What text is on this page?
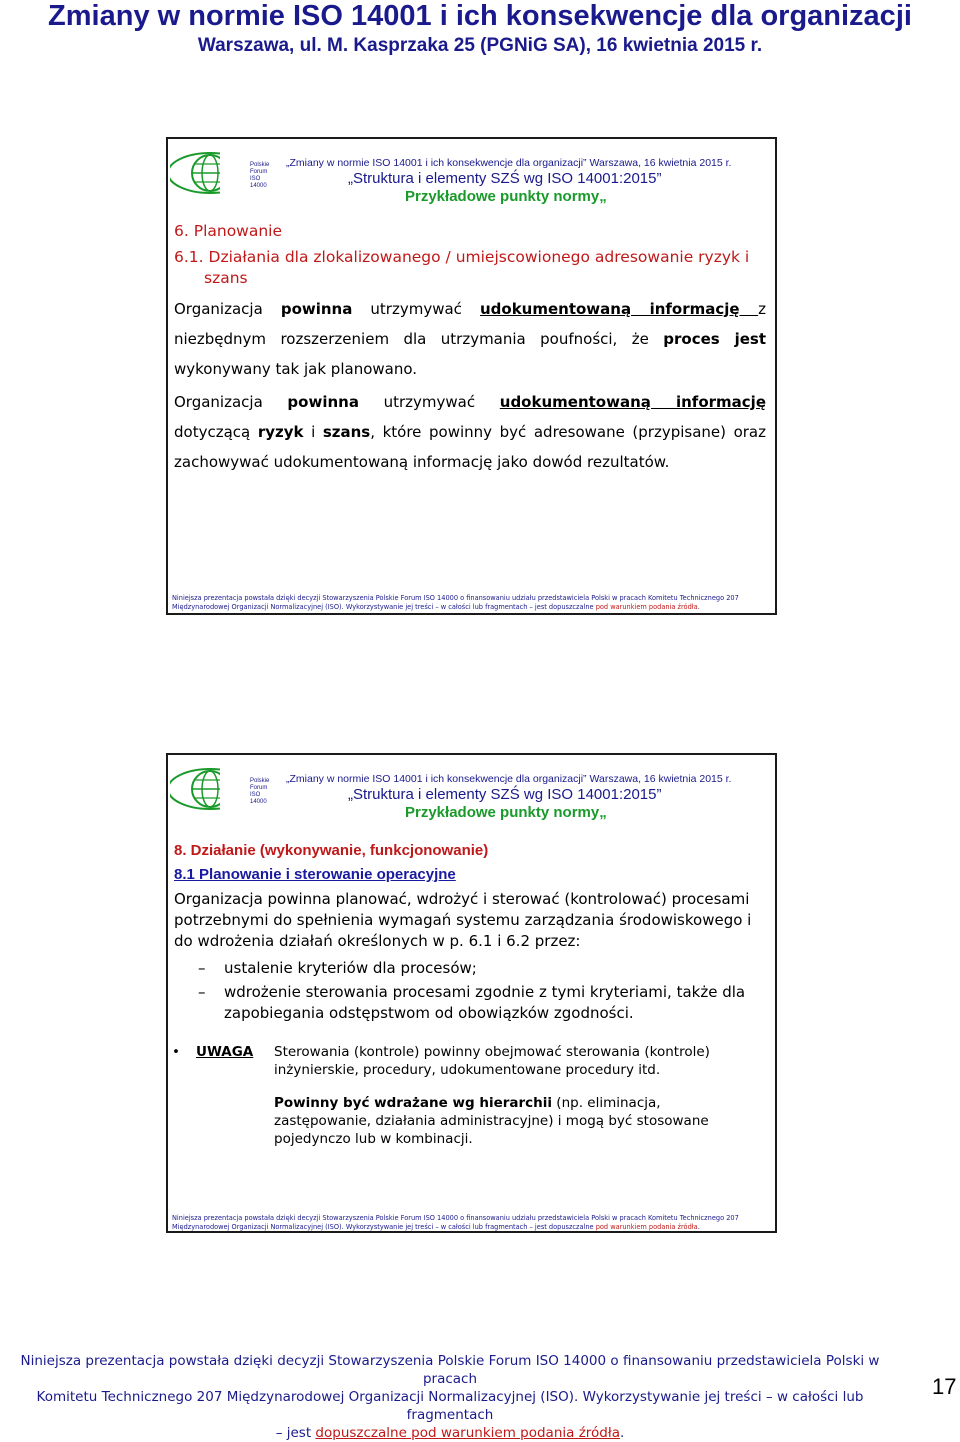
Zmiany w normie ISO 14001 i ich konsekwencje dla organizacji
Warszawa, ul. M. Kasprzaka 25 (PGNiG SA), 16 kwietnia 2015 r.
Polskie Forum
ISO 14000
„Zmiany w normie ISO 14001 i ich konsekwencje dla organizacji” Warszawa, 16 kwietnia 2015 r.
„Struktura i elementy SZŚ wg ISO 14001:2015”
Przykładowe punkty normy„
6. Planowanie
6.1. Działania dla zlokalizowanego / umiejscowionego adresowanie ryzyk i
szans
Organizacja powinna utrzymywać udokumentowaną informację z niezbędnym rozszerzeniem dla utrzymania poufności, że proces jest wykonywany tak jak planowano.
Organizacja powinna utrzymywać udokumentowaną informację dotyczącą ryzyk i szans, które powinny być adresowane (przypisane) oraz zachowywać udokumentowaną informację jako dowód rezultatów.
Niniejsza prezentacja powstała dzięki decyzji Stowarzyszenia Polskie Forum ISO 14000 o finansowaniu udziału przedstawiciela Polski w pracach Komitetu Technicznego 207
Międzynarodowej Organizacji Normalizacyjnej (ISO). Wykorzystywanie jej treści – w całości lub fragmentach – jest dopuszczalne pod warunkiem podania źródła.
Polskie Forum
ISO 14000
„Zmiany w normie ISO 14001 i ich konsekwencje dla organizacji” Warszawa, 16 kwietnia 2015 r.
„Struktura i elementy SZŚ wg ISO 14001:2015”
Przykładowe punkty normy„
8. Działanie (wykonywanie, funkcjonowanie)
8.1 Planowanie i sterowanie operacyjne
Organizacja powinna planować, wdrożyć i sterować (kontrolować) procesami potrzebnymi do spełnienia wymagań systemu zarządzania środowiskowego i do wdrożenia działań określonych w p. 6.1 i 6.2 przez:
– ustalenie kryteriów dla procesów;
– wdrożenie sterowania procesami zgodnie z tymi kryteriami, także dla zapobiegania odstępstwom od obowiązków zgodności.
• UWAGA Sterowania (kontrole) powinny obejmować sterowania (kontrole) inżynierskie, procedury, udokumentowane procedury itd.
Powinny być wdrażane wg hierarchii (np. eliminacja, zastępowanie, działania administracyjne) i mogą być stosowane pojedynczo lub w kombinacji.
Niniejsza prezentacja powstała dzięki decyzji Stowarzyszenia Polskie Forum ISO 14000 o finansowaniu udziału przedstawiciela Polski w pracach Komitetu Technicznego 207
Międzynarodowej Organizacji Normalizacyjnej (ISO). Wykorzystywanie jej treści – w całości lub fragmentach – jest dopuszczalne pod warunkiem podania źródła.
Niniejsza prezentacja powstała dzięki decyzji Stowarzyszenia Polskie Forum ISO 14000 o finansowaniu przedstawiciela Polski w pracach
Komitetu Technicznego 207 Międzynarodowej Organizacji Normalizacyjnej (ISO). Wykorzystywanie jej treści – w całości lub fragmentach
– jest dopuszczalne pod warunkiem podania źródła.
17
